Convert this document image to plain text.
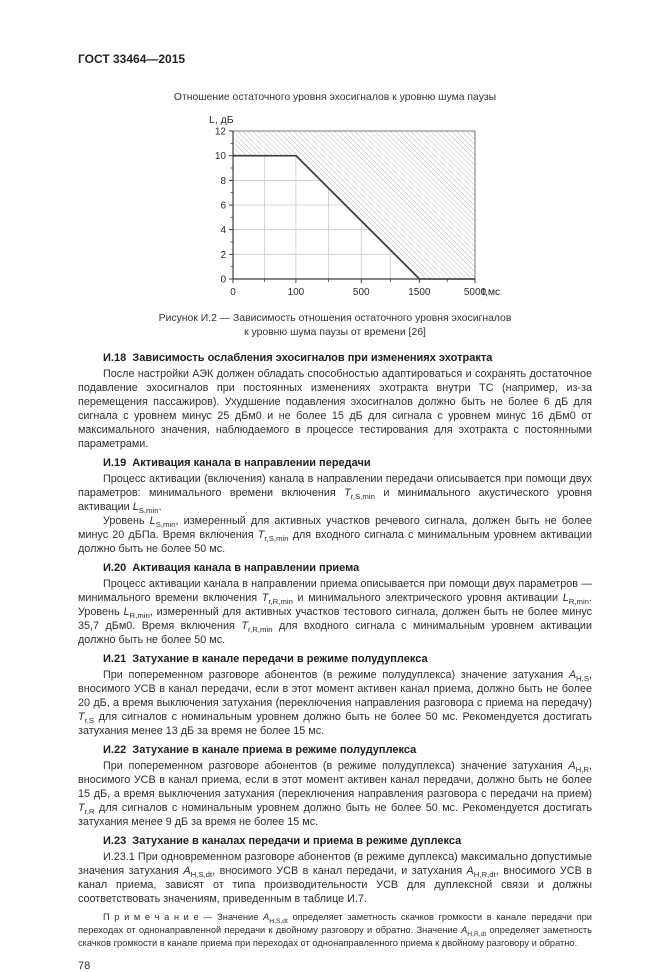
ГОСТ 33464—2015
Отношение остаточного уровня эхосигналов к уровню шума паузы
0
2
4
6
8
10
12
0	100	500	1500	5000
L, дБ
t,мс
Рисунок И.2 — Зависимость отношения остаточного уровня эхосигналов
к уровню шума паузы от времени [26]
И.18  Зависимость ослабления эхосигналов при изменениях эхотракта

После настройки АЭК должен обладать способностью адаптироваться и сохранять достаточное подавление эхосигналов при постоянных изменениях эхотракта внутри ТС (например, из-за перемещения пассажиров). Ухудшение подавления эхосигналов должно быть не более 6 дБ для сигнала с уровнем минус 25 дБм0 и не более 15 дБ для сигнала с уровнем минус 16 дБм0 от максимального значения, наблюдаемого в процессе тестирования для эхотракта с постоянными параметрами.

И.19  Активация канала в направлении передачи

Процесс активации (включения) канала в направлении передачи описывается при помощи двух параметров: минимального времени включения $T_{r,S,min}$ и минимального акустического уровня активации $L_{S,min}$.

Уровень $L_{S,min}$, измеренный для активных участков речевого сигнала, должен быть не более минус 20 дБПа. Время включения $T_{r,S,min}$ для входного сигнала с минимальным уровнем активации должно быть не более 50 мс.

И.20  Активация канала в направлении приема

Процесс активации канала в направлении приема описывается при помощи двух параметров — минимального времени включения $T_{r,R,min}$ и минимального электрического уровня активации $L_{R,min}$. Уровень $L_{R,min}$, измеренный для активных участков тестового сигнала, должен быть не более минус 35,7 дБм0. Время включения $T_{r,R,min}$ для входного сигнала с минимальным уровнем активации должно быть не более 50 мс.

И.21  Затухание в канале передачи в режиме полудуплекса

При попеременном разговоре абонентов (в режиме полудуплекса) значение затухания $A_{H,S}$, вносимого УСВ в канал передачи, если в этот момент активен канал приема, должно быть не более 20 дБ, а время выключения затухания (переключения направления разговора с приема на передачу) $T_{r,S}$ для сигналов с номинальным уровнем должно быть не более 50 мс. Рекомендуется достигать затухания менее 13 дБ за время не более 15 мс.

И.22  Затухание в канале приема в режиме полудуплекса

При попеременном разговоре абонентов (в режиме полудуплекса) значение затухания $A_{H,R}$, вносимого УСВ в канал приема, если в этот момент активен канал передачи, должно быть не более 15 дБ, а время выключения затухания (переключения направления разговора с передачи на прием) $T_{r,R}$ для сигналов с номинальным уровнем должно быть не более 50 мс. Рекомендуется достигать затухания менее 9 дБ за время не более 15 мс.

И.23  Затухание в каналах передачи и приема в режиме дуплекса

И.23.1 При одновременном разговоре абонентов (в режиме дуплекса) максимально допустимые значения затухания $A_{H,S,dt}$, вносимого УСВ в канал передачи, и затухания $A_{H,R,dt}$, вносимого УСВ в канал приема, зависят от типа производительности УСВ для дуплексной связи и должны соответствовать значениям, приведенным в таблице И.7.

П р и м е ч а н и е — Значение $A_{H,S,dt}$ определяет заметность скачков громкости в канале передачи при переходах от однонаправленной передачи к двойному разговору и обратно. Значение $A_{H,R,dt}$ определяет заметность скачков громкости в канале приема при переходах от однонаправленного приема к двойному разговору и обратно.

78
